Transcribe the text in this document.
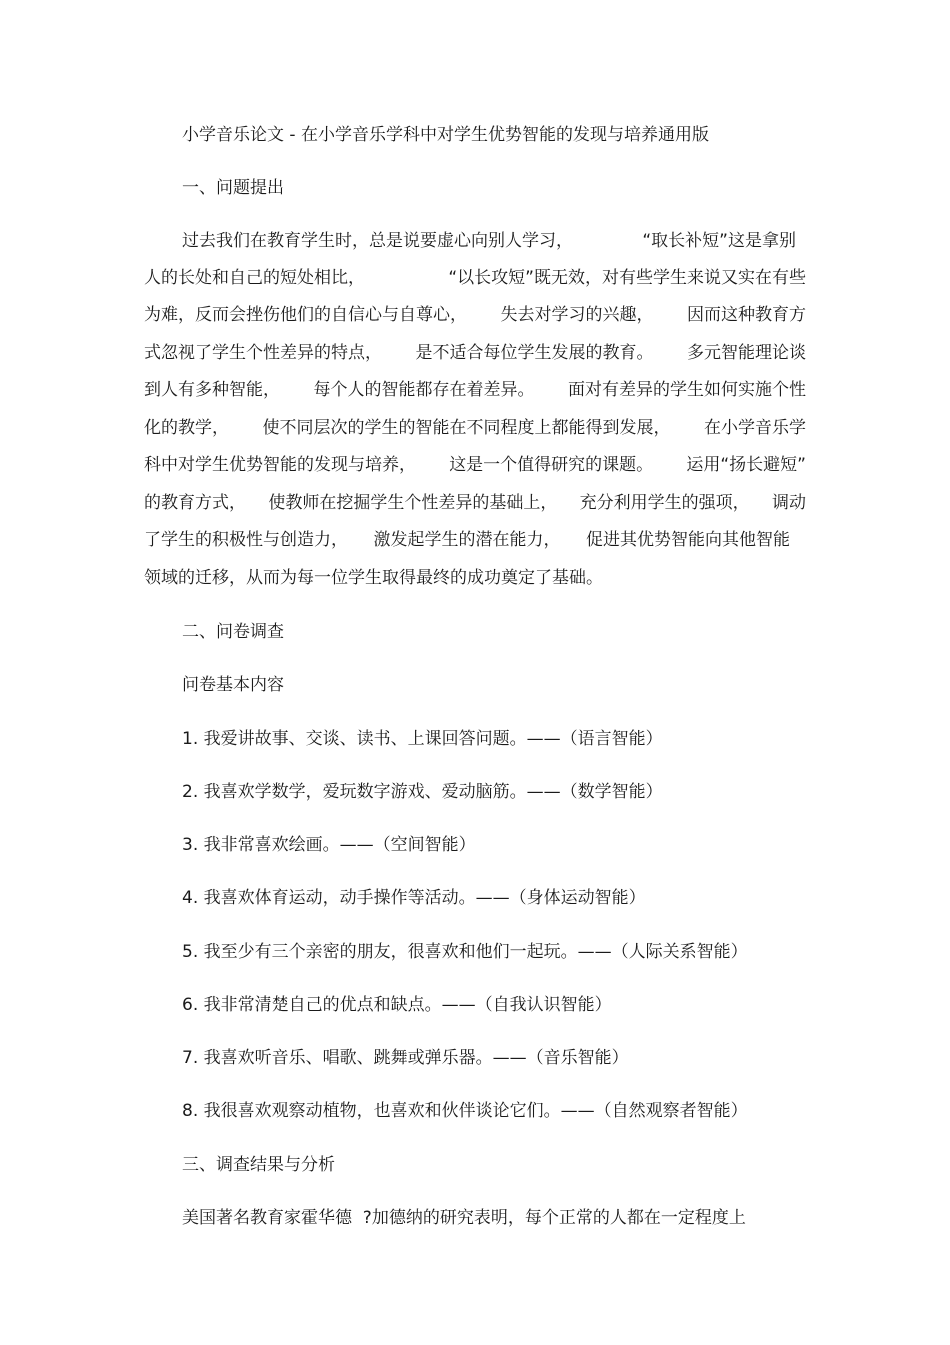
小学音乐论文 - 在小学音乐学科中对学生优势智能的发现与培养通用版
一、问题提出
过去我们在教育学生时，总是说要虚心向别人学习，	“取长补短”这是拿别
人的长处和自己的短处相比，	“以长攻短”既无效，对有些学生来说又实在有些
为难，反而会挫伤他们的自信心与自尊心， 失去对学习的兴趣， 因而这种教育方
式忽视了学生个性差异的特点， 是不适合每位学生发展的教育。 多元智能理论谈
到人有多种智能， 每个人的智能都存在着差异。 面对有差异的学生如何实施个性
化的教学， 使不同层次的学生的智能在不同程度上都能得到发展， 在小学音乐学
科中对学生优势智能的发现与培养， 这是一个值得研究的课题。 运用“扬长避短”
的教育方式， 使教师在挖掘学生个性差异的基础上， 充分利用学生的强项， 调动
了学生的积极性与创造力， 激发起学生的潜在能力， 促进其优势智能向其他智能
领域的迁移，从而为每一位学生取得最终的成功奠定了基础。
二、问卷调查
问卷基本内容
1. 我爱讲故事、交谈、读书、上课回答问题。——（语言智能）
2. 我喜欢学数学，爱玩数字游戏、爱动脑筋。——（数学智能）
3. 我非常喜欢绘画。——（空间智能）
4. 我喜欢体育运动，动手操作等活动。——（身体运动智能）
5. 我至少有三个亲密的朋友，很喜欢和他们一起玩。——（人际关系智能）
6. 我非常清楚自己的优点和缺点。——（自我认识智能）
7. 我喜欢听音乐、唱歌、跳舞或弹乐器。——（音乐智能）
8. 我很喜欢观察动植物，也喜欢和伙伴谈论它们。——（自然观察者智能）
三、调查结果与分析
美国著名教育家霍华德  ?加德纳的研究表明，每个正常的人都在一定程度上
